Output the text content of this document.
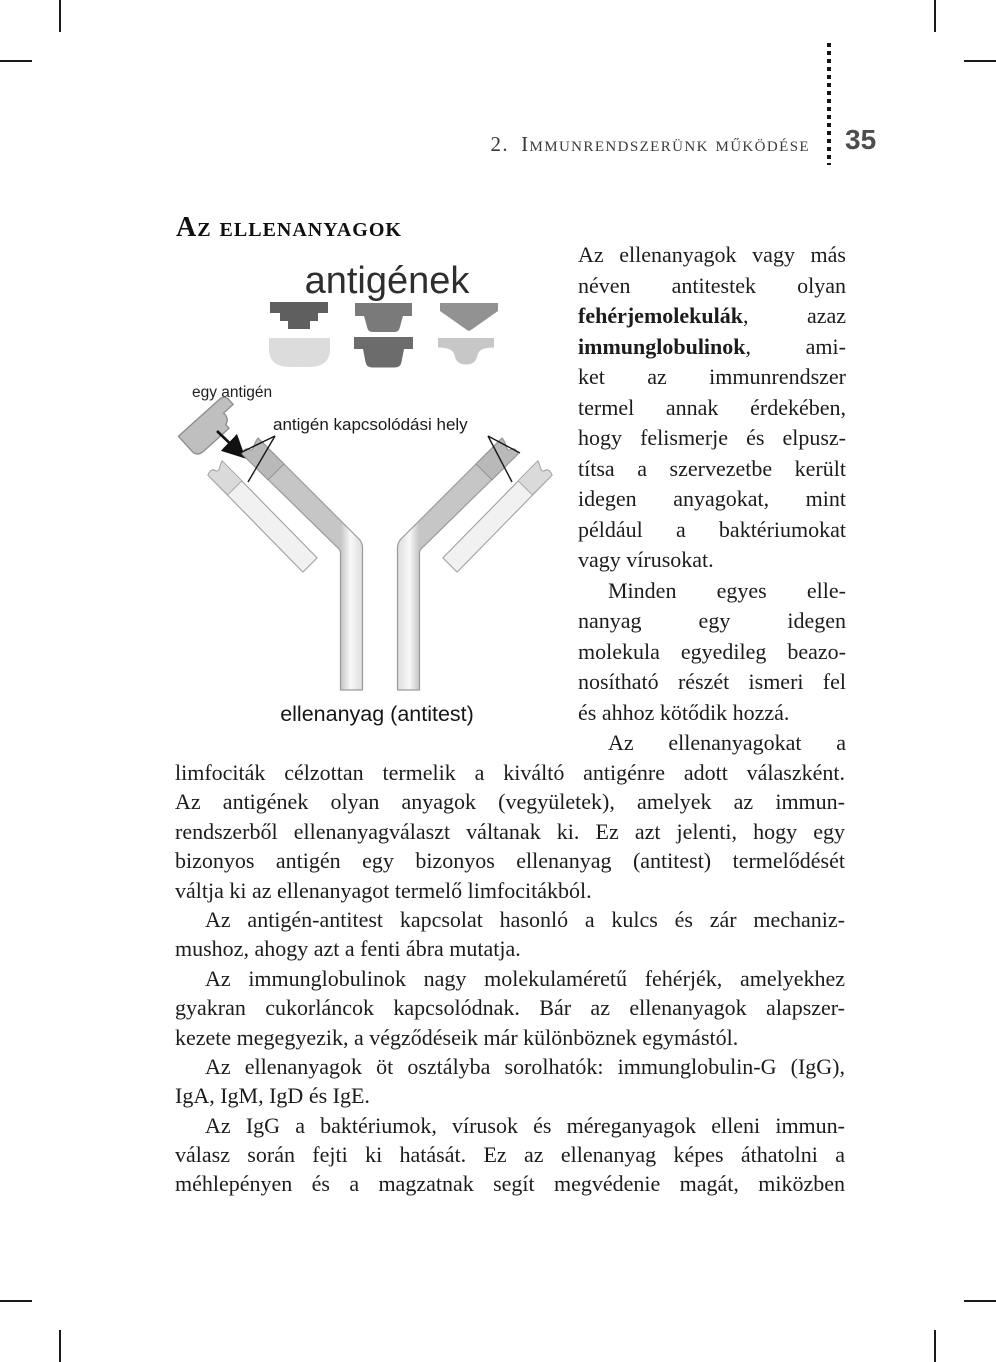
2. Immunrendszerünk működése 35
Az ellenanyagok
antigének
egy antigén
antigén kapcsolódási hely
ellenanyag (antitest)
Az ellenanyagok vagy más
néven antitestek olyan
fehérjemolekulák, azaz
immunglobulinok, ami-
ket az immunrendszer
termel annak érdekében,
hogy felismerje és elpusz-
títsa a szervezetbe került
idegen anyagokat, mint
például a baktériumokat
vagy vírusokat.
Minden egyes elle-
nanyag egy idegen
molekula egyedileg beazo-
nosítható részét ismeri fel
és ahhoz kötődik hozzá.
Az ellenanyagokat a
limfociták célzottan termelik a kiváltó antigénre adott válaszként.
Az antigének olyan anyagok (vegyületek), amelyek az immun-
rendszerből ellenanyagválaszt váltanak ki. Ez azt jelenti, hogy egy
bizonyos antigén egy bizonyos ellenanyag (antitest) termelődését
váltja ki az ellenanyagot termelő limfocitákból.
Az antigén-antitest kapcsolat hasonló a kulcs és zár mechaniz-
mushoz, ahogy azt a fenti ábra mutatja.
Az immunglobulinok nagy molekulaméretű fehérjék, amelyekhez
gyakran cukorláncok kapcsolódnak. Bár az ellenanyagok alapszer-
kezete megegyezik, a végződéseik már különböznek egymástól.
Az ellenanyagok öt osztályba sorolhatók: immunglobulin-G (IgG),
IgA, IgM, IgD és IgE.
Az IgG a baktériumok, vírusok és méreganyagok elleni immun-
válasz során fejti ki hatását. Ez az ellenanyag képes áthatolni a
méhlepényen és a magzatnak segít megvédenie magát, miközben
